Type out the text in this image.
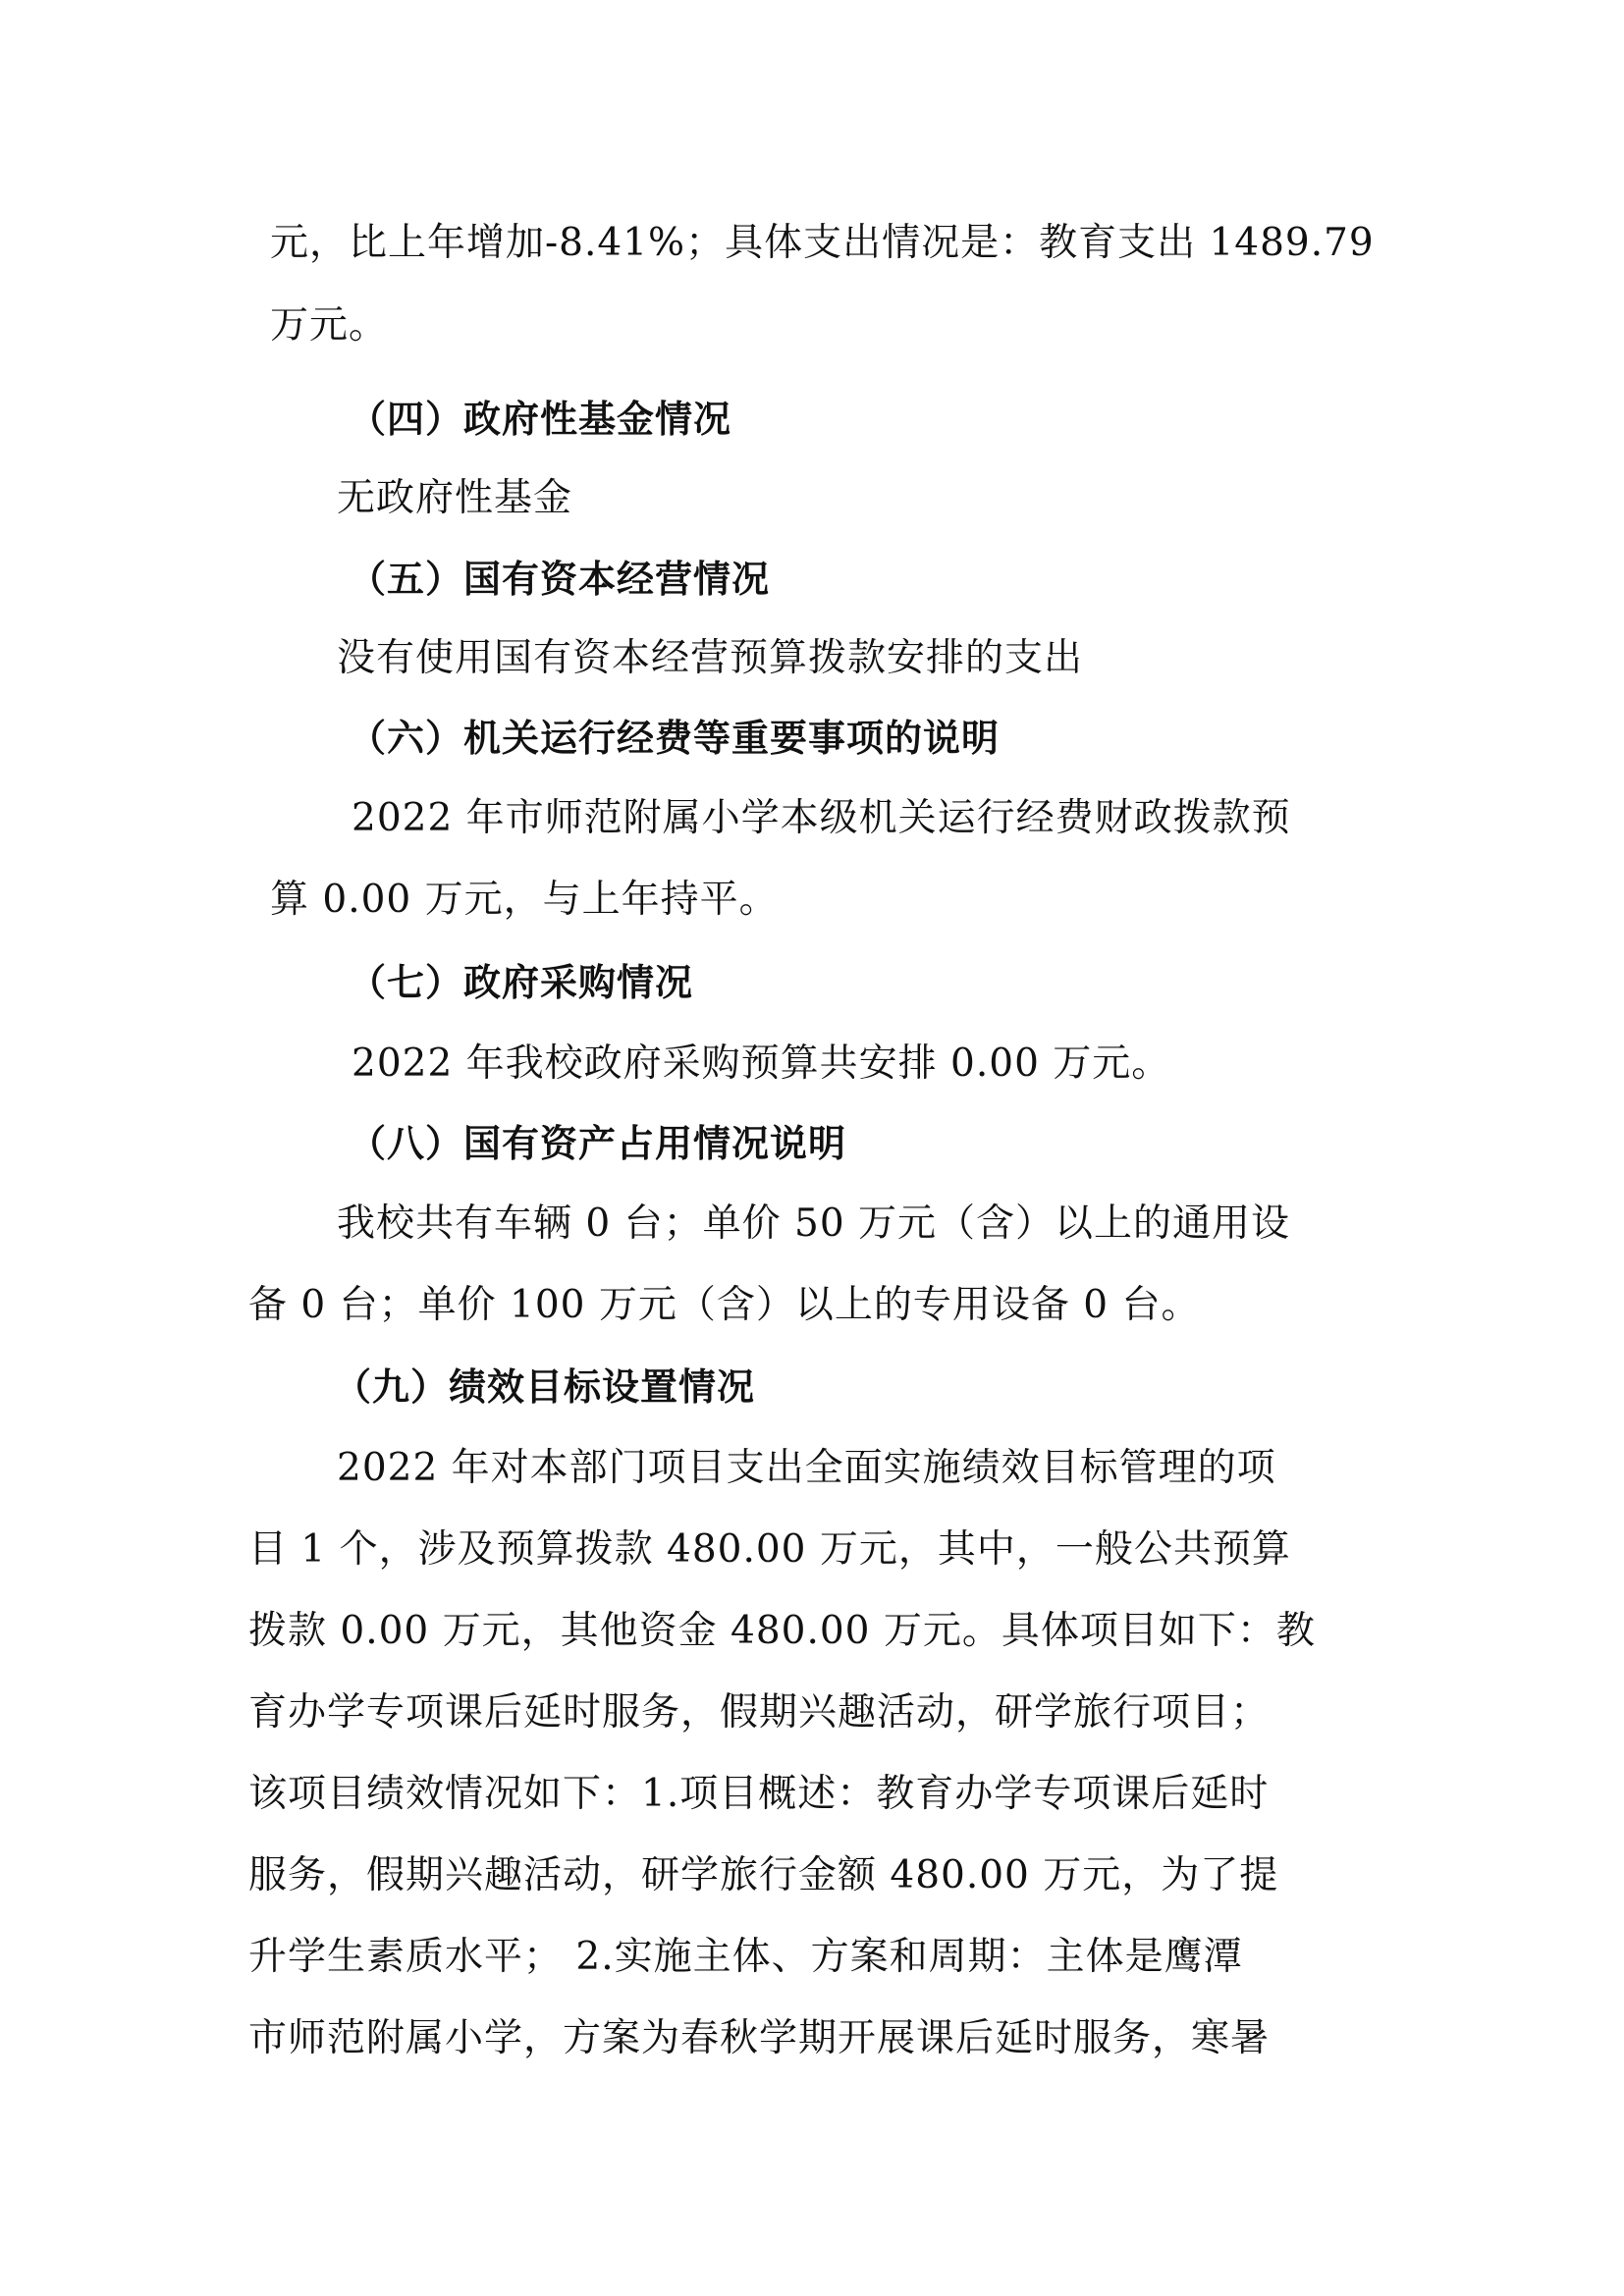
元，比上年增加-8.41%；具体支出情况是：教育支出 1489.79
万元。
（四）政府性基金情况
无政府性基金
（五）国有资本经营情况
没有使用国有资本经营预算拨款安排的支出
（六）机关运行经费等重要事项的说明
2022 年市师范附属小学本级机关运行经费财政拨款预
算 0.00 万元，与上年持平。
（七）政府采购情况
2022 年我校政府采购预算共安排 0.00 万元。
（八）国有资产占用情况说明
我校共有车辆 0 台；单价 50 万元（含）以上的通用设
备 0 台；单价 100 万元（含）以上的专用设备 0 台。
（九）绩效目标设置情况
2022 年对本部门项目支出全面实施绩效目标管理的项
目 1 个，涉及预算拨款 480.00 万元，其中，一般公共预算
拨款 0.00 万元，其他资金 480.00 万元。具体项目如下：教
育办学专项课后延时服务，假期兴趣活动，研学旅行项目；
该项目绩效情况如下：1.项目概述：教育办学专项课后延时
服务，假期兴趣活动，研学旅行金额 480.00 万元，为了提
升学生素质水平； 2.实施主体、方案和周期：主体是鹰潭
市师范附属小学，方案为春秋学期开展课后延时服务，寒暑
